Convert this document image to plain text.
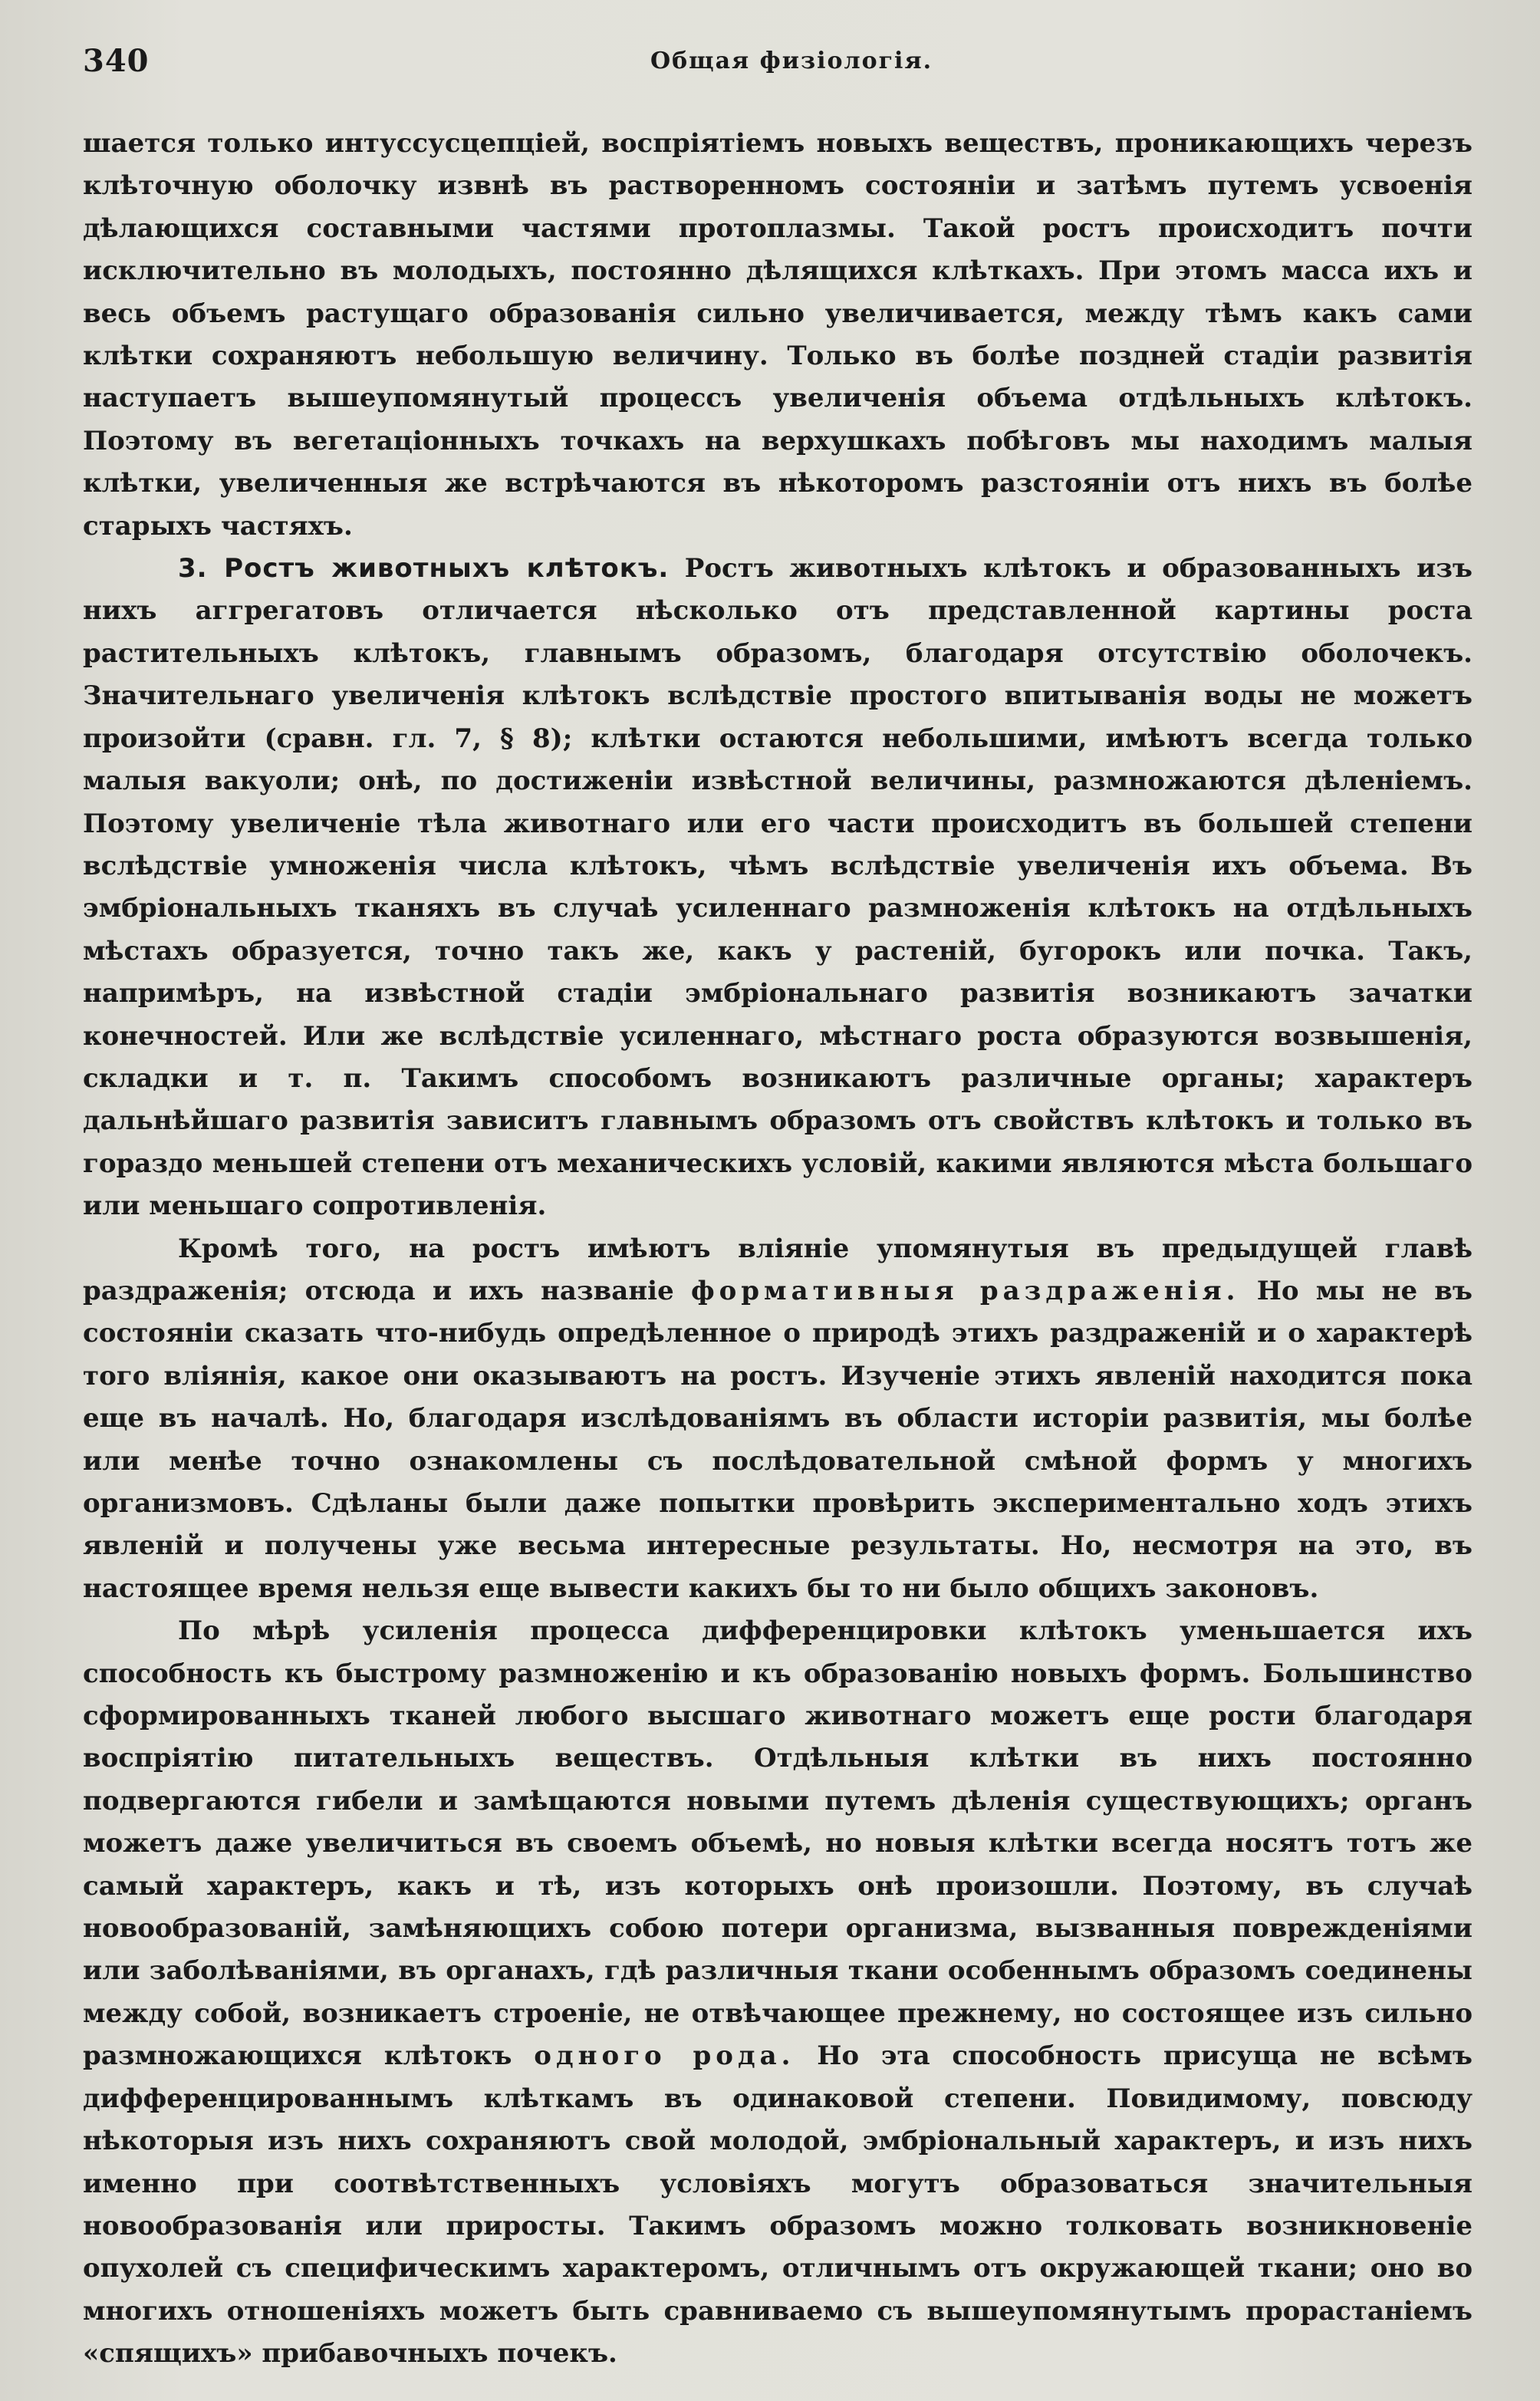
340	Общая физiологiя.

шается только интуссусцепцiей, воспрiятiемъ новыхъ веществъ, проникающихъ черезъ клѣточную оболочку извнѣ въ растворенномъ состоянiи и затѣмъ путемъ усвоенiя дѣлающихся составными частями протоплазмы. Такой ростъ происходитъ почти исключительно въ молодыхъ, постоянно дѣлящихся клѣткахъ. При этомъ масса ихъ и весь объемъ растущаго образованiя сильно увеличивается, между тѣмъ какъ сами клѣтки сохраняютъ небольшую величину. Только въ болѣе поздней стадiи развитiя наступаетъ вышеупомянутый процессъ увеличенiя объема отдѣльныхъ клѣтокъ. Поэтому въ вегетацiонныхъ точкахъ на верхушкахъ побѣговъ мы находимъ малыя клѣтки, увеличенныя же встрѣчаются въ нѣкоторомъ разстоянiи отъ нихъ въ болѣе старыхъ частяхъ.

3. Ростъ животныхъ клѣтокъ. Ростъ животныхъ клѣтокъ и образованныхъ изъ нихъ аггрегатовъ отличается нѣсколько отъ представленной картины роста растительныхъ клѣтокъ, главнымъ образомъ, благодаря отсутствiю оболочекъ. Значительнаго увеличенiя клѣтокъ вслѣдствiе простого впитыванiя воды не можетъ произойти (сравн. гл. 7, § 8); клѣтки остаются небольшими, имѣютъ всегда только малыя вакуоли; онѣ, по достиженiи извѣстной величины, размножаются дѣленiемъ. Поэтому увеличенiе тѣла животнаго или его части происходитъ въ большей степени вслѣдствiе умноженiя числа клѣтокъ, чѣмъ вслѣдствiе увеличенiя ихъ объема. Въ эмбрiональныхъ тканяхъ въ случаѣ усиленнаго размноженiя клѣтокъ на отдѣльныхъ мѣстахъ образуется, точно такъ же, какъ у растенiй, бугорокъ или почка. Такъ, напримѣръ, на извѣстной стадiи эмбрiональнаго развитiя возникаютъ зачатки конечностей. Или же вслѣдствiе усиленнаго, мѣстнаго роста образуются возвышенiя, складки и т. п. Такимъ способомъ возникаютъ различные органы; характеръ дальнѣйшаго развитiя зависитъ главнымъ образомъ отъ свойствъ клѣтокъ и только въ гораздо меньшей степени отъ механическихъ условiй, какими являются мѣста большаго или меньшаго сопротивленiя.

Кромѣ того, на ростъ имѣютъ влiянiе упомянутыя въ предыдущей главѣ раздраженiя; отсюда и ихъ названiе формативныя раздраженiя. Но мы не въ состоянiи сказать что-нибудь опредѣленное о природѣ этихъ раздраженiй и о характерѣ того влiянiя, какое они оказываютъ на ростъ. Изученiе этихъ явленiй находится пока еще въ началѣ. Но, благодаря изслѣдованiямъ въ области исторiи развитiя, мы болѣе или менѣе точно ознакомлены съ послѣдовательной смѣной формъ у многихъ организмовъ. Сдѣланы были даже попытки провѣрить экспериментально ходъ этихъ явленiй и получены уже весьма интересные результаты. Но, несмотря на это, въ настоящее время нельзя еще вывести какихъ бы то ни было общихъ законовъ.

По мѣрѣ усиленiя процесса дифференцировки клѣтокъ уменьшается ихъ способность къ быстрому размноженiю и къ образованiю новыхъ формъ. Большинство сформированныхъ тканей любого высшаго животнаго можетъ еще рости благодаря воспрiятiю питательныхъ веществъ. Отдѣльныя клѣтки въ нихъ постоянно подвергаются гибели и замѣщаются новыми путемъ дѣленiя существующихъ; органъ можетъ даже увеличиться въ своемъ объемѣ, но новыя клѣтки всегда носятъ тотъ же самый характеръ, какъ и тѣ, изъ которыхъ онѣ произошли. Поэтому, въ случаѣ новообразованiй, замѣняющихъ собою потери организма, вызванныя поврежденiями или заболѣванiями, въ органахъ, гдѣ различныя ткани особеннымъ образомъ соединены между собой, возникаетъ строенiе, не отвѣчающее прежнему, но состоящее изъ сильно размножающихся клѣтокъ одного рода. Но эта способность присуща не всѣмъ дифференцированнымъ клѣткамъ въ одинаковой степени. Повидимому, повсюду нѣкоторыя изъ нихъ сохраняютъ свой молодой, эмбрiональный характеръ, и изъ нихъ именно при соотвѣтственныхъ условiяхъ могутъ образоваться значительныя новообразованiя или приросты. Такимъ образомъ можно толковать возникновенiе опухолей съ специфическимъ характеромъ, отличнымъ отъ окружающей ткани; оно во многихъ отношенiяхъ можетъ быть сравниваемо съ вышеупомянутымъ прорастанiемъ «спящихъ» прибавочныхъ почекъ.
